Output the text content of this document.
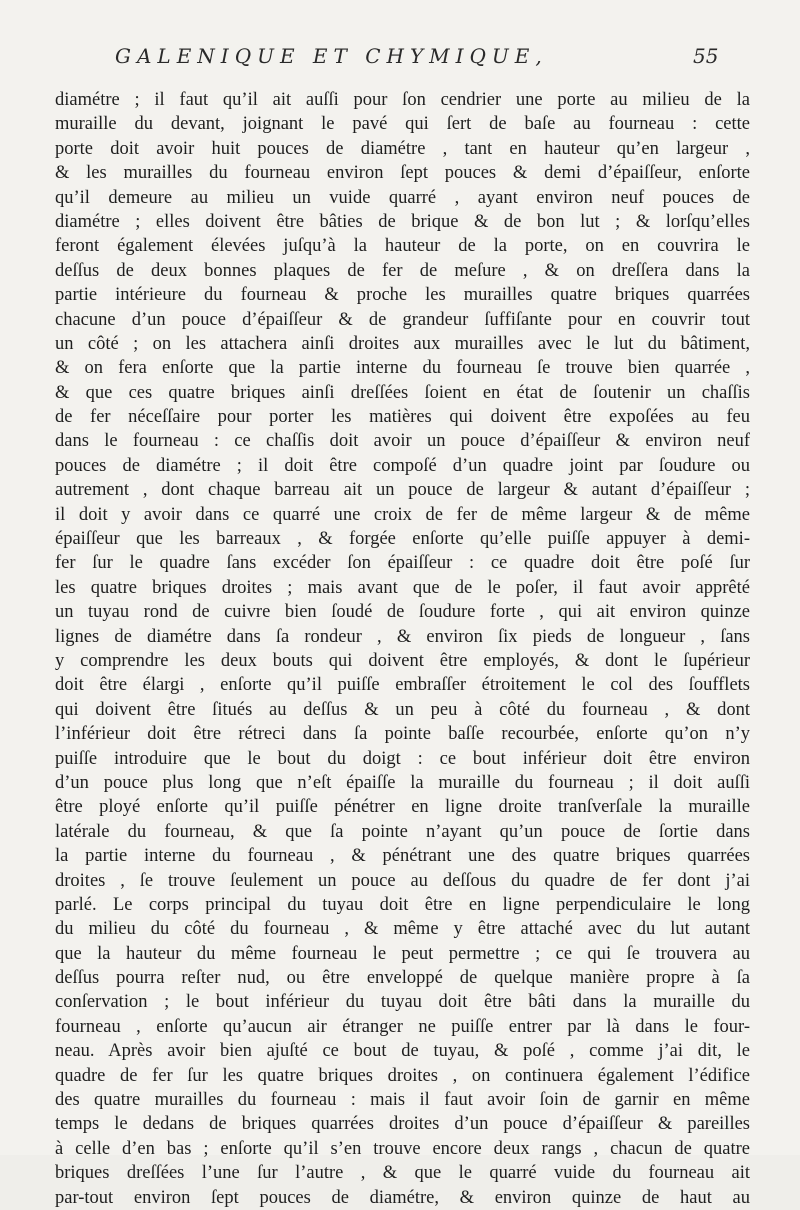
GALENIQUE ET CHYMIQUE,	55
diamétre ; il faut qu’il ait auſſi pour ſon cendrier une porte au milieu de la
muraille du devant, joignant le pavé qui ſert de baſe au fourneau : cette
porte doit avoir huit pouces de diamétre , tant en hauteur qu’en largeur ,
& les murailles du fourneau environ ſept pouces & demi d’épaiſſeur, enſorte
qu’il demeure au milieu un vuide quarré , ayant environ neuf pouces de
diamétre ; elles doivent être bâties de brique & de bon lut ; & lorſqu’elles
feront également élevées juſqu’à la hauteur de la porte, on en couvrira le
deſſus de deux bonnes plaques de fer de meſure , & on dreſſera dans la
partie intérieure du fourneau & proche les murailles quatre briques quarrées
chacune d’un pouce d’épaiſſeur & de grandeur ſuffiſante pour en couvrir tout
un côté ; on les attachera ainſi droites aux murailles avec le lut du bâtiment,
& on fera enſorte que la partie interne du fourneau ſe trouve bien quarrée ,
& que ces quatre briques ainſi dreſſées ſoient en état de ſoutenir un chaſſis
de fer néceſſaire pour porter les matières qui doivent être expoſées au feu
dans le fourneau : ce chaſſis doit avoir un pouce d’épaiſſeur & environ neuf
pouces de diamétre ; il doit être compoſé d’un quadre joint par ſoudure ou
autrement , dont chaque barreau ait un pouce de largeur & autant d’épaiſſeur ;
il doit y avoir dans ce quarré une croix de fer de même largeur & de même
épaiſſeur que les barreaux , & forgée enſorte qu’elle puiſſe appuyer à demi-
fer ſur le quadre ſans excéder ſon épaiſſeur : ce quadre doit être poſé ſur
les quatre briques droites ; mais avant que de le poſer, il faut avoir apprêté
un tuyau rond de cuivre bien ſoudé de ſoudure forte , qui ait environ quinze
lignes de diamétre dans ſa rondeur , & environ ſix pieds de longueur , ſans
y comprendre les deux bouts qui doivent être employés, & dont le ſupérieur
doit être élargi , enſorte qu’il puiſſe embraſſer étroitement le col des ſoufflets
qui doivent être ſitués au deſſus & un peu à côté du fourneau , & dont
l’inférieur doit être rétreci dans ſa pointe baſſe recourbée, enſorte qu’on n’y
puiſſe introduire que le bout du doigt : ce bout inférieur doit être environ
d’un pouce plus long que n’eſt épaiſſe la muraille du fourneau ; il doit auſſi
être ployé enſorte qu’il puiſſe pénétrer en ligne droite tranſverſale la muraille
latérale du fourneau, & que ſa pointe n’ayant qu’un pouce de ſortie dans
la partie interne du fourneau , & pénétrant une des quatre briques quarrées
droites , ſe trouve ſeulement un pouce au deſſous du quadre de fer dont j’ai
parlé. Le corps principal du tuyau doit être en ligne perpendiculaire le long
du milieu du côté du fourneau , & même y être attaché avec du lut autant
que la hauteur du même fourneau le peut permettre ; ce qui ſe trouvera au
deſſus pourra reſter nud, ou être enveloppé de quelque manière propre à ſa
conſervation ; le bout inférieur du tuyau doit être bâti dans la muraille du
fourneau , enſorte qu’aucun air étranger ne puiſſe entrer par là dans le four-
neau. Après avoir bien ajuſté ce bout de tuyau, & poſé , comme j’ai dit, le
quadre de fer ſur les quatre briques droites , on continuera également l’édifice
des quatre murailles du fourneau : mais il faut avoir ſoin de garnir en même
temps le dedans de briques quarrées droites d’un pouce d’épaiſſeur & pareilles
à celle d’en bas ; enſorte qu’il s’en trouve encore deux rangs , chacun de quatre
briques dreſſées l’une ſur l’autre , & que le quarré vuide du fourneau ait
par-tout environ ſept pouces de diamétre, & environ quinze de haut au
